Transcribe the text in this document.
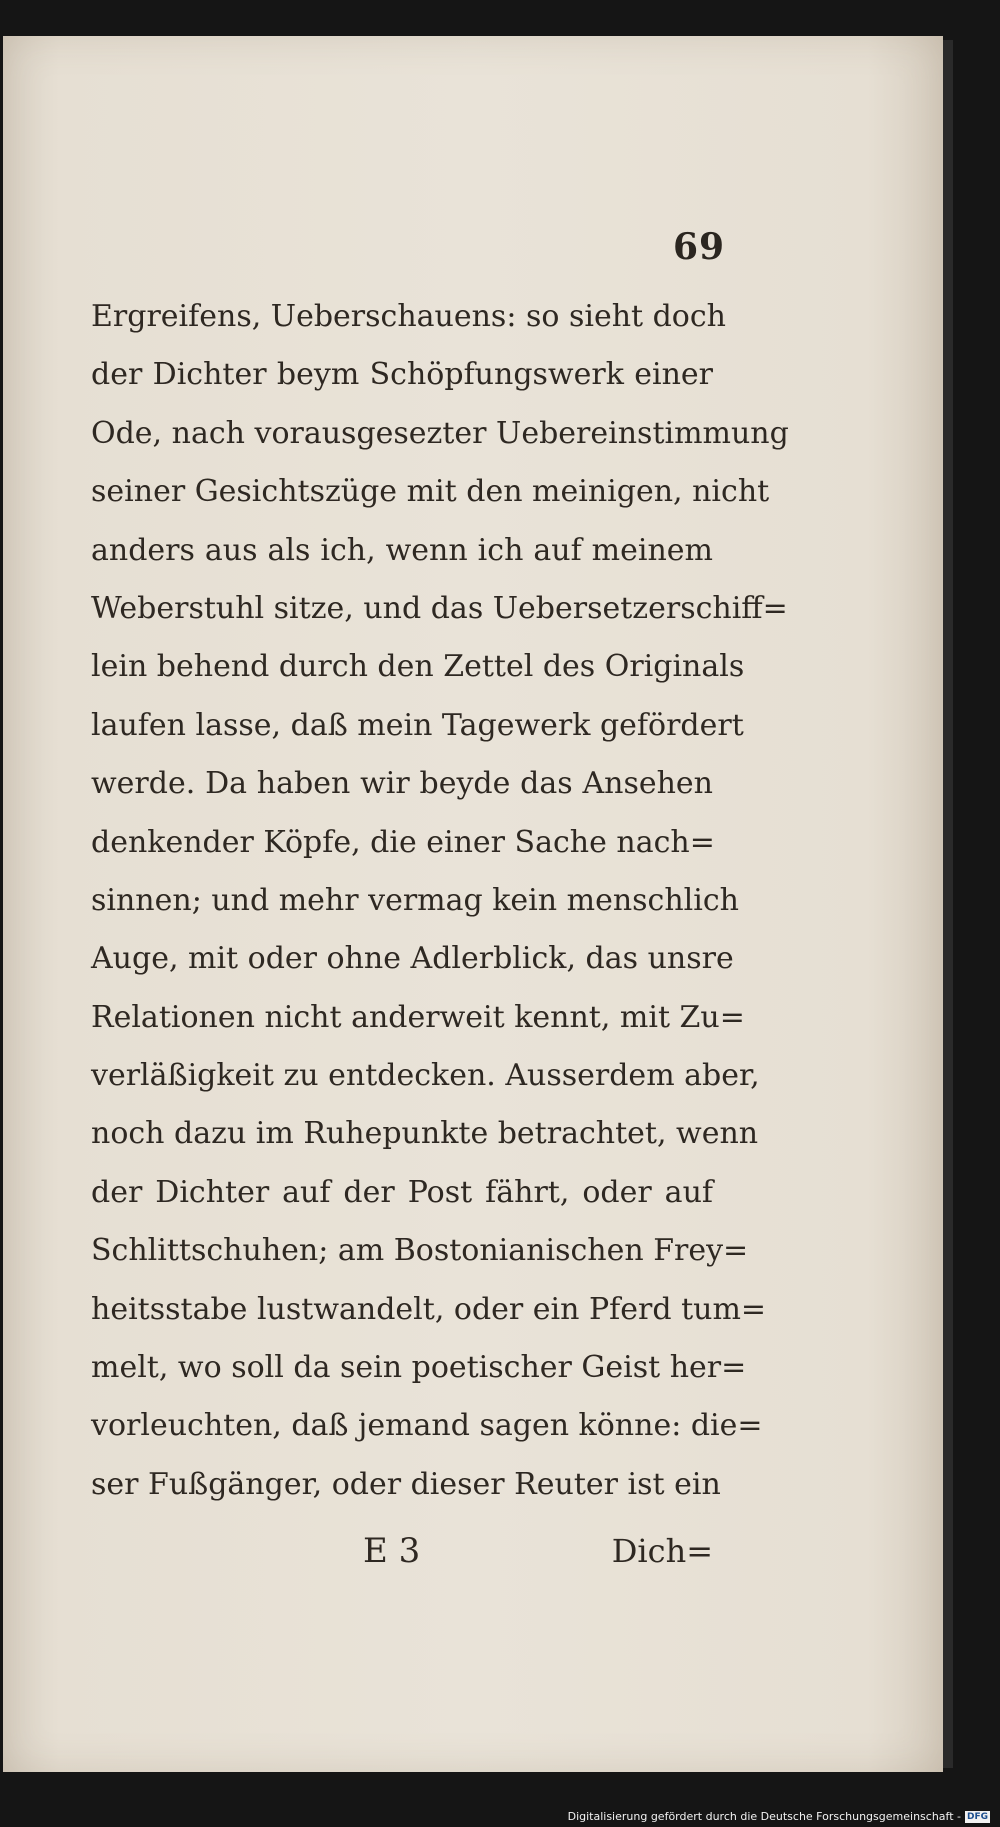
69
Ergreifens, Ueberschauens: so sieht doch
der Dichter beym Schöpfungswerk einer
Ode, nach vorausgesezter Uebereinstimmung
seiner Gesichtszüge mit den meinigen, nicht
anders aus als ich, wenn ich auf meinem
Weberstuhl sitze, und das Uebersetzerschiff=
lein behend durch den Zettel des Originals
laufen lasse, daß mein Tagewerk gefördert
werde. Da haben wir beyde das Ansehen
denkender Köpfe, die einer Sache nach=
sinnen; und mehr vermag kein menschlich
Auge, mit oder ohne Adlerblick, das unsre
Relationen nicht anderweit kennt, mit Zu=
verläßigkeit zu entdecken. Ausserdem aber,
noch dazu im Ruhepunkte betrachtet, wenn
der Dichter auf der Post fährt, oder auf
Schlittschuhen; am Bostonianischen Frey=
heitsstabe lustwandelt, oder ein Pferd tum=
melt, wo soll da sein poetischer Geist her=
vorleuchten, daß jemand sagen könne: die=
ser Fußgänger, oder dieser Reuter ist ein
E 3	Dich=
Digitalisierung gefördert durch die Deutsche Forschungsgemeinschaft - DFG
